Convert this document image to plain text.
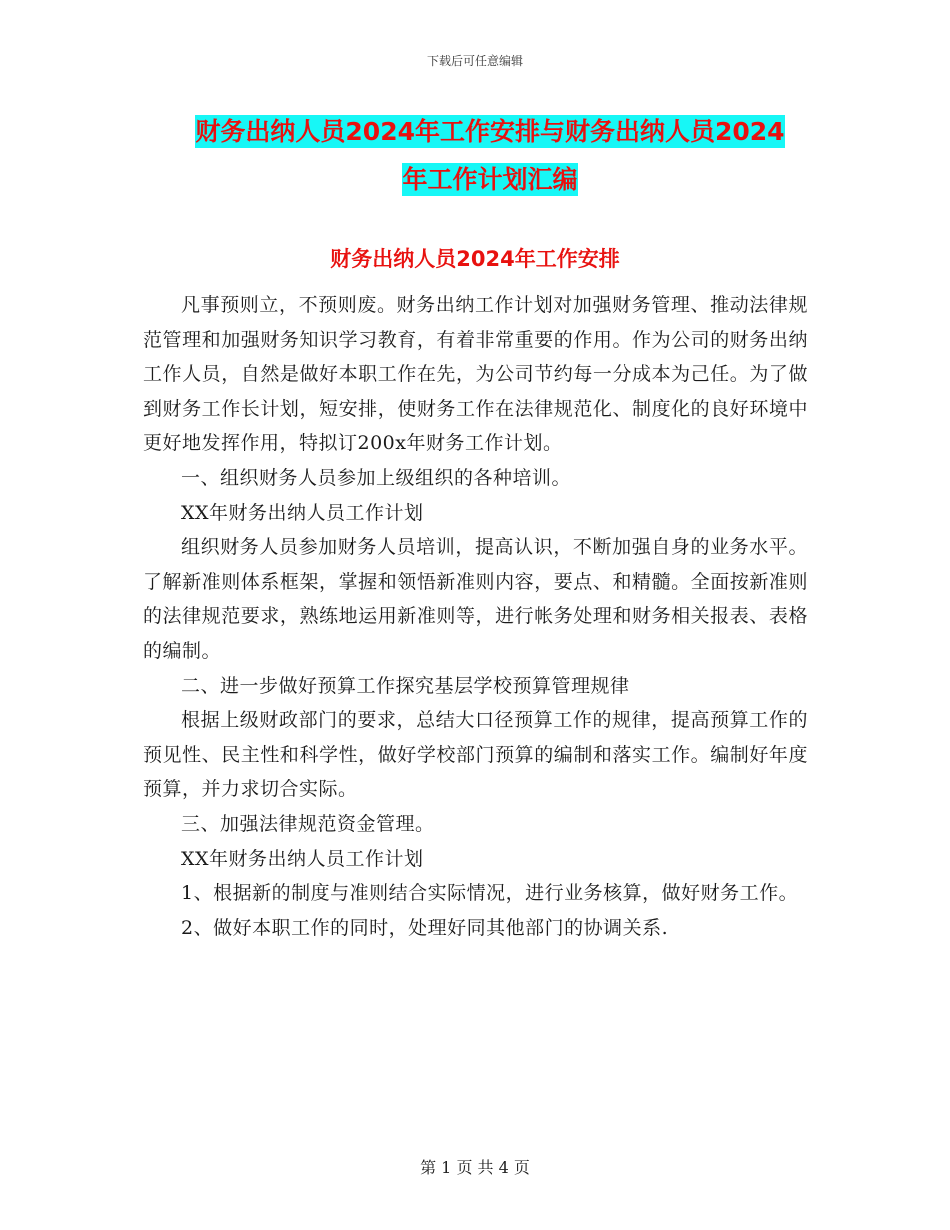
下载后可任意编辑
财务出纳人员2024年工作安排与财务出纳人员2024
年工作计划汇编
财务出纳人员2024年工作安排

凡事预则立，不预则废。财务出纳工作计划对加强财务管理、推动法律规范管理和加强财务知识学习教育，有着非常重要的作用。作为公司的财务出纳工作人员，自然是做好本职工作在先，为公司节约每一分成本为己任。为了做到财务工作长计划，短安排，使财务工作在法律规范化、制度化的良好环境中更好地发挥作用，特拟订200x年财务工作计划。

一、组织财务人员参加上级组织的各种培训。

XX年财务出纳人员工作计划

组织财务人员参加财务人员培训，提高认识，不断加强自身的业务水平。了解新准则体系框架，掌握和领悟新准则内容，要点、和精髓。全面按新准则的法律规范要求，熟练地运用新准则等，进行帐务处理和财务相关报表、表格的编制。

二、进一步做好预算工作探究基层学校预算管理规律

根据上级财政部门的要求，总结大口径预算工作的规律，提高预算工作的预见性、民主性和科学性，做好学校部门预算的编制和落实工作。编制好年度预算，并力求切合实际。

三、加强法律规范资金管理。

XX年财务出纳人员工作计划

1、根据新的制度与准则结合实际情况，进行业务核算，做好财务工作。

2、做好本职工作的同时，处理好同其他部门的协调关系.

第 1 页 共 4 页
